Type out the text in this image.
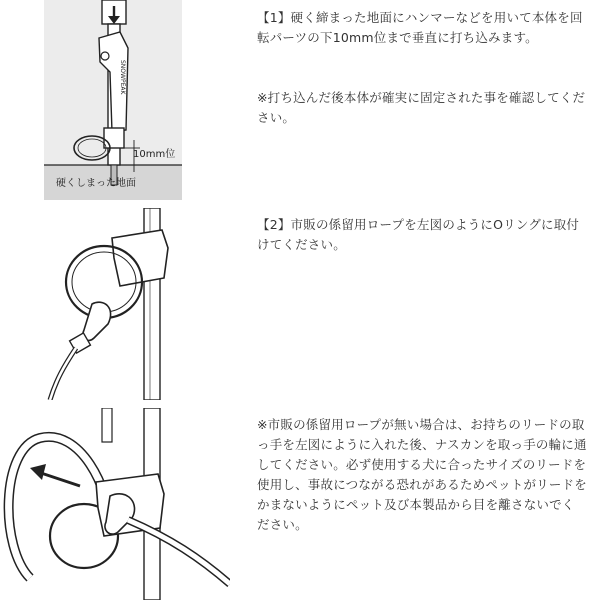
SNOWPEAK
10mm位
硬くしまった地面

【1】硬く締まった地面にハンマーなどを用いて本体を回転パーツの下10mm位まで垂直に打ち込みます。

※打ち込んだ後本体が確実に固定された事を確認してください。

【2】市販の係留用ロープを左図のようにOリングに取付けてください。

※市販の係留用ロープが無い場合は、お持ちのリードの取っ手を左図にように入れた後、ナスカンを取っ手の輪に通してください。必ず使用する犬に合ったサイズのリードを使用し、事故につながる恐れがあるためペットがリードをかまないようにペット及び本製品から目を離さないでください。
